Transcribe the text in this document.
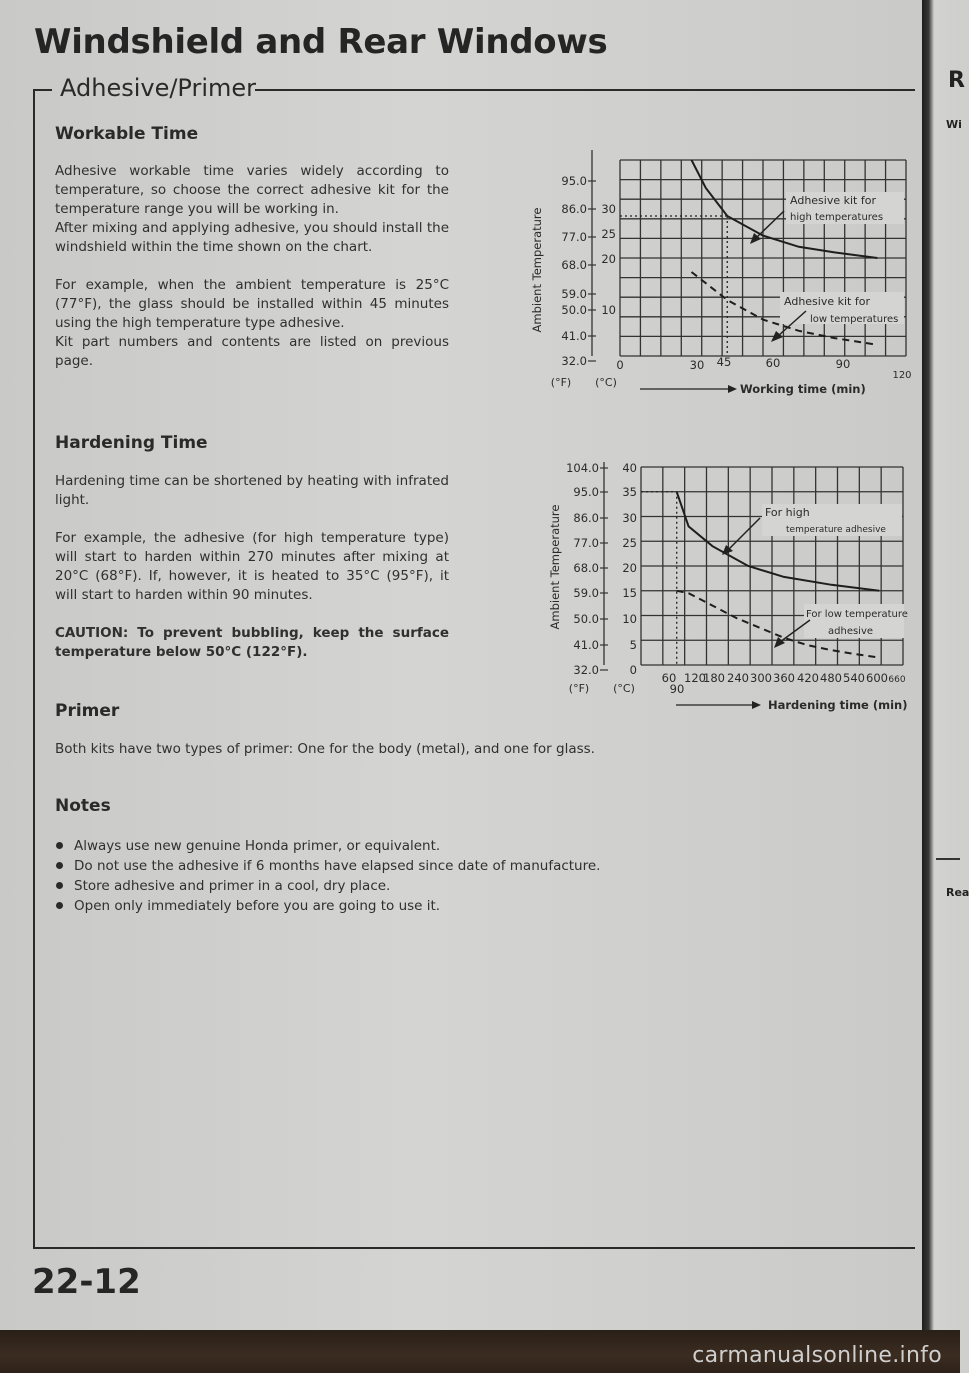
R
Wi
Rea
carmanualsonline.info
Windshield and Rear Windows
Adhesive/Primer
Workable Time

Adhesive workable time varies widely according to temperature, so choose the correct adhesive kit for the temperature range you will be working in.

After mixing and applying adhesive, you should install the windshield within the time shown on the chart.

For example, when the ambient temperature is 25°C (77°F), the glass should be installed within 45 minutes using the high temperature type adhesive.

Kit part numbers and contents are listed on previous page.

Hardening Time

Hardening time can be shortened by heating with infrated light.

For example, the adhesive (for high temperature type) will start to harden within 270 minutes after mixing at 20°C (68°F). If, however, it is heated to 35°C (95°F), it will start to harden within 90 minutes.

CAUTION: To prevent bubbling, keep the surface temperature below 50°C (122°F).

Primer

Both kits have two types of primer: One for the body (metal), and one for glass.

Notes
Always use new genuine Honda primer, or equivalent.
Do not use the adhesive if 6 months have elapsed since date of manufacture.
Store adhesive and primer in a cool, dry place.
Open only immediately before you are going to use it.
22-12
95.0
86.0
77.0
68.0
59.0
50.0
41.0
32.0
30
25
20
10
Ambient Temperature
(°F) (°C)
0	30 45	60	90
120
Working time (min)
Adhesive kit for
high temperatures
Adhesive kit for
low temperatures
104.0
95.0
86.0
77.0
68.0
59.0
50.0
41.0
32.0
40
35
30
25
20
15
10
5
0
Ambient Temperature
(°F) (°C)
60
90
120
180 240 300 360 420 480 540 600 660
Hardening time (min)
For high
temperature adhesive
For low temperature
adhesive
